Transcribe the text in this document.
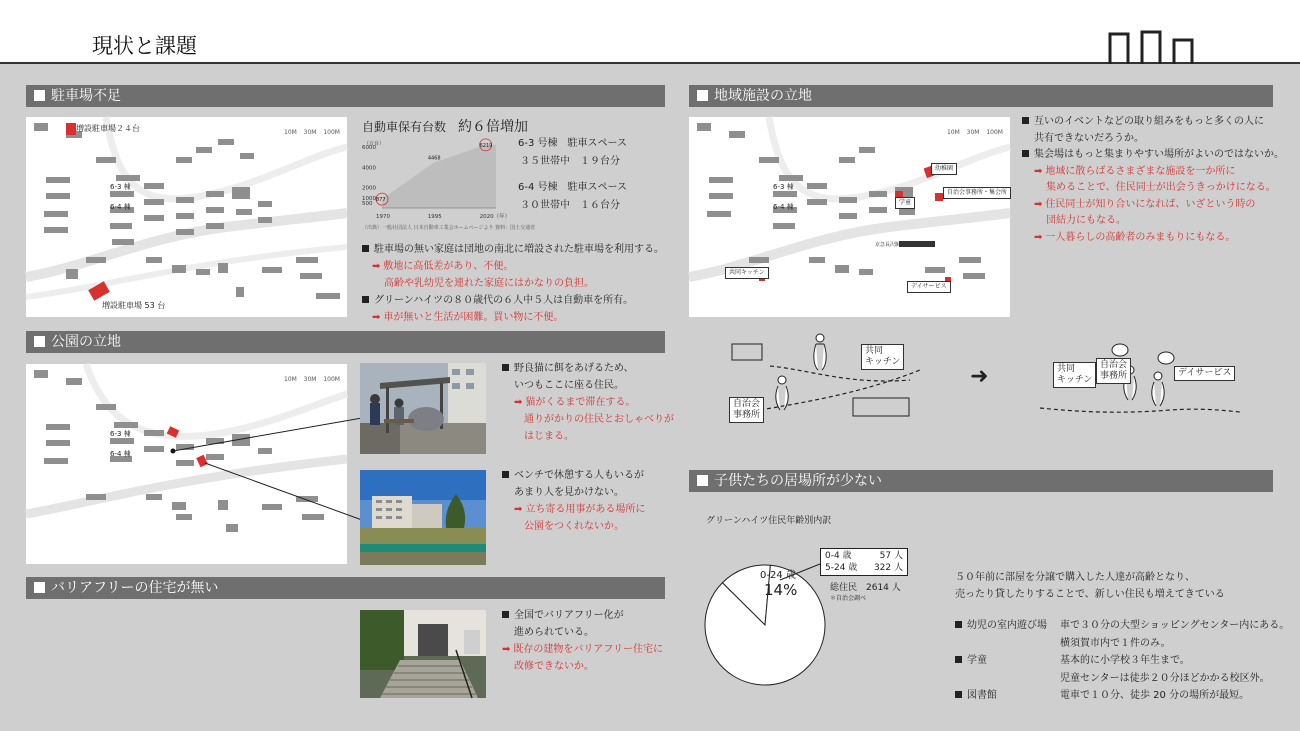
現状と課題
駐車場不足
増設駐車場２４台
増設駐車場 53 台
6-3 棟
6-4 棟
10M 30M 100M 自動車保有台数　 約６倍増加
（万台）
6000
4000
2000
1000
500
1970	1995	2020（年）
877
4468
6219
（出典）一般社団法人 日本自動車工業会ホームページより 資料：国土交通省
6-3 号棟　駐車スペース
３５世帯中　１９台分
6-4 号棟　駐車スペース
３０世帯中　１６台分
駐車場の無い家庭は団地の南北に増設された駐車場を利用する。
➡ 敷地に高低差があり、不便。
高齢や乳幼児を連れた家庭にはかなりの負担。
グリーンハイツの８０歳代の６人中５人は自動車を所有。
➡ 車が無いと生活が困難。買い物に不便。
公園の立地
6-3 棟
6-4 棟
10M 30M 100M
野良猫に餌をあげるため、
いつもここに座る住民。
➡ 猫がくるまで滞在する。
通りがかりの住民とおしゃべりが
はじまる。
ベンチで休憩する人もいるが
あまり人を見かけない。
➡ 立ち寄る用事がある場所に
公園をつくれないか。
バリアフリーの住宅が無い
全国でバリアフリー化が
進められている。
➡ 既存の建物をバリアフリー住宅に
改修できないか。
地域施設の立地
幼稚園
自治会事務所・集会所
学童
共同キッチン
デイサービス
京急長沢駅
6-3 棟
6-4 棟
10M 30M 100M
互いのイベントなどの取り組みをもっと多くの人に
共有できないだろうか。
集会場はもっと集まりやすい場所がよいのではないか。
➡ 地域に散らばるさまざまな施設を一か所に
集めることで、住民同士が出会うきっかけになる。
➡ 住民同士が知り合いになれば、いざという時の
団結力にもなる。
➡ 一人暮らしの高齢者のみまもりにもなる。
共同
キッチン
自治会
事務所
➜	共同
キッチン
自治会
事務所	デイサービス
子供たちの居場所が少ない
グリーンハイツ住民年齢別内訳
0-24 歳
14%
0-4 歳	57 人
5-24 歳 322 人
総住民　2614 人
＊自治会調べ
５０年前に部屋を分譲で購入した人達が高齢となり、
売ったり貸したりすることで、新しい住民も増えてきている
幼児の室内遊び場	車で３０分の大型ショッピングセンター内にある。
横須賀市内で１件のみ。
学童	基本的に小学校３年生まで。
児童センターは徒歩２０分ほどかかる校区外。
図書館	電車で１０分、徒歩 20 分の場所が最短。
